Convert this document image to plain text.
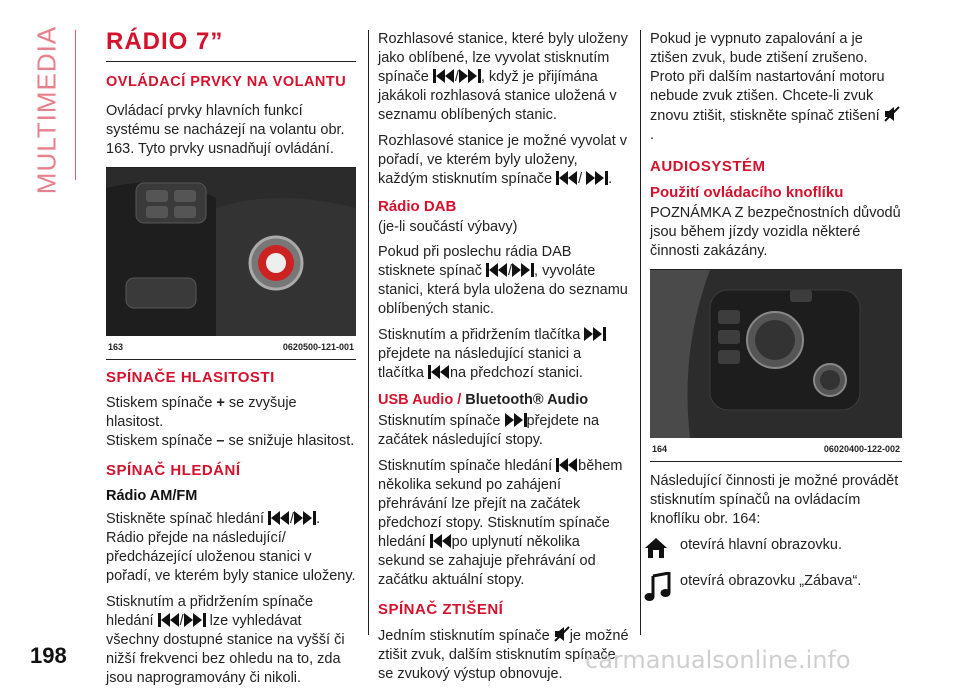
MULTIMEDIA RÁDIO 7”
OVLÁDACÍ PRVKY NA VOLANTU

Ovládací prvky hlavních funkcí systému se nacházejí na volantu obr. 163. Tyto prvky usnadňují ovládání.

163	0620500-121-001
SPÍNAČE HLASITOSTI

Stiskem spínače + se zvyšuje hlasitost.

Stiskem spínače – se snižuje hlasitost.

SPÍNAČ HLEDÁNÍ
Rádio AM/FM

Stiskněte spínač hledání / . Rádio přejde na následující/ předcházející uloženou stanici v pořadí, ve kterém byly stanice uloženy.

Stisknutím a přidržením spínače hledání / lze vyhledávat všechny dostupné stanice na vyšší či nižší frekvenci bez ohledu na to, zda jsou naprogramovány či nikoli.

Rozhlasové stanice, které byly uloženy jako oblíbené, lze vyvolat stisknutím spínače / , když je přijímána jakákoli rozhlasová stanice uložená v seznamu oblíbených stanic.

Rozhlasové stanice je možné vyvolat v pořadí, ve kterém byly uloženy, každým stisknutím spínače / .

Rádio DAB
(je-li součástí výbavy)

Pokud při poslechu rádia DAB stisknete spínač / , vyvoláte stanici, která byla uložena do seznamu oblíbených stanic.

Stisknutím a přidržením tlačítka přejdete na následující stanici a tlačítka na předchozí stanici.

USB Audio / Bluetooth® Audio

Stisknutím spínače přejdete na začátek následující stopy.

Stisknutím spínače hledání během několika sekund po zahájení přehrávání lze přejít na začátek předchozí stopy. Stisknutím spínače hledání po uplynutí několika sekund se zahajuje přehrávání od začátku aktuální stopy.

SPÍNAČ ZTIŠENÍ

Jedním stisknutím spínače je možné ztišit zvuk, dalším stisknutím spínače se zvukový výstup obnovuje.

Pokud je vypnuto zapalování a je ztišen zvuk, bude ztišení zrušeno. Proto při dalším nastartování motoru nebude zvuk ztišen. Chcete-li zvuk znovu ztišit, stiskněte spínač ztišení .

AUDIOSYSTÉM
Použití ovládacího knoflíku

POZNÁMKA Z bezpečnostních důvodů jsou během jízdy vozidla některé činnosti zakázány.

164	06020400-122-002

Následující činnosti je možné provádět stisknutím spínačů na ovládacím knoflíku obr. 164:

otevírá hlavní obrazovku.
otevírá obrazovku „Zábava“.
198	carmanualsonline.info
